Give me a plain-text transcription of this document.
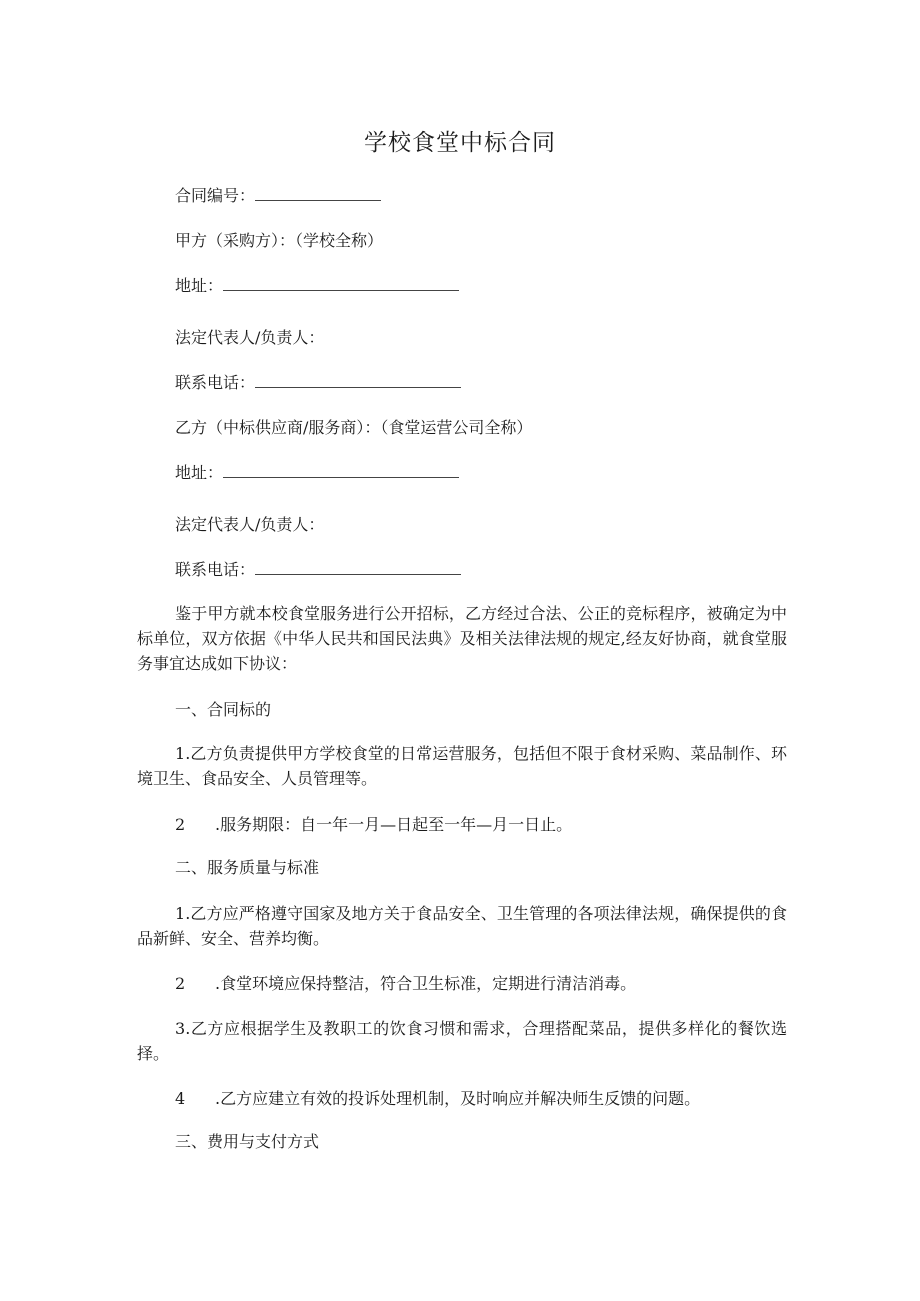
学校食堂中标合同
合同编号：
甲方（采购方）：（学校全称）
地址：
法定代表人/负责人：
联系电话：
乙方（中标供应商/服务商）：（食堂运营公司全称）
地址：
法定代表人/负责人：
联系电话：
鉴于甲方就本校食堂服务进行公开招标，乙方经过合法、公正的竞标程序，被确定为中标单位，双方依据《中华人民共和国民法典》及相关法律法规的规定,经友好协商，就食堂服务事宜达成如下协议：
一、合同标的
1.乙方负责提供甲方学校食堂的日常运营服务，包括但不限于食材采购、菜品制作、环境卫生、食品安全、人员管理等。
2 .服务期限：自一年一月—日起至一年—月一日止。
二、服务质量与标准
1.乙方应严格遵守国家及地方关于食品安全、卫生管理的各项法律法规，确保提供的食品新鲜、安全、营养均衡。
2 .食堂环境应保持整洁，符合卫生标准，定期进行清洁消毒。
3.乙方应根据学生及教职工的饮食习惯和需求，合理搭配菜品，提供多样化的餐饮选择。
4 .乙方应建立有效的投诉处理机制，及时响应并解决师生反馈的问题。
三、费用与支付方式
